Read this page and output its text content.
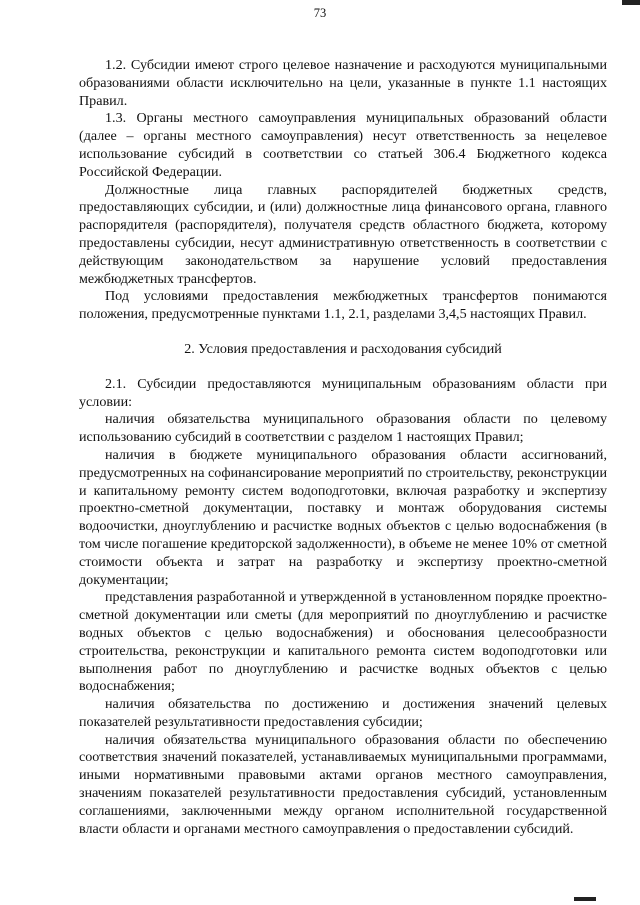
73

1.2. Субсидии имеют строго целевое назначение и расходуются муниципальными образованиями области исключительно на цели, указанные в пункте 1.1 настоящих Правил.

1.3. Органы местного самоуправления муниципальных образований области (далее – органы местного самоуправления) несут ответственность за нецелевое использование субсидий в соответствии со статьей 306.4 Бюджетного кодекса Российской Федерации.

Должностные лица главных распорядителей бюджетных средств, предоставляющих субсидии, и (или) должностные лица финансового органа, главного распорядителя (распорядителя), получателя средств областного бюджета, которому предоставлены субсидии, несут административную ответственность в соответствии с действующим законодательством за нарушение условий предоставления межбюджетных трансфертов.

Под условиями предоставления межбюджетных трансфертов понимаются положения, предусмотренные пунктами 1.1, 2.1, разделами 3,4,5 настоящих Правил.

2. Условия предоставления и расходования субсидий

2.1. Субсидии предоставляются муниципальным образованиям области при условии:

наличия обязательства муниципального образования области по целевому использованию субсидий в соответствии с разделом 1 настоящих Правил;

наличия в бюджете муниципального образования области ассигнований, предусмотренных на софинансирование мероприятий по строительству, реконструкции и капитальному ремонту систем водоподготовки, включая разработку и экспертизу проектно-сметной документации, поставку и монтаж оборудования системы водоочистки, дноуглублению и расчистке водных объектов с целью водоснабжения (в том числе погашение кредиторской задолженности), в объеме не менее 10% от сметной стоимости объекта и затрат на разработку и экспертизу проектно-сметной документации;

представления разработанной и утвержденной в установленном порядке проектно-сметной документации или сметы (для мероприятий по дноуглублению и расчистке водных объектов с целью водоснабжения) и обоснования целесообразности строительства, реконструкции и капитального ремонта систем водоподготовки или выполнения работ по дноуглублению и расчистке водных объектов с целью водоснабжения;

наличия обязательства по достижению и достижения значений целевых показателей результативности предоставления субсидии;

наличия обязательства муниципального образования области по обеспечению соответствия значений показателей, устанавливаемых муниципальными программами, иными нормативными правовыми актами органов местного самоуправления, значениям показателей результативности предоставления субсидий, установленным соглашениями, заключенными между органом исполнительной государственной власти области и органами местного самоуправления о предоставлении субсидий.
